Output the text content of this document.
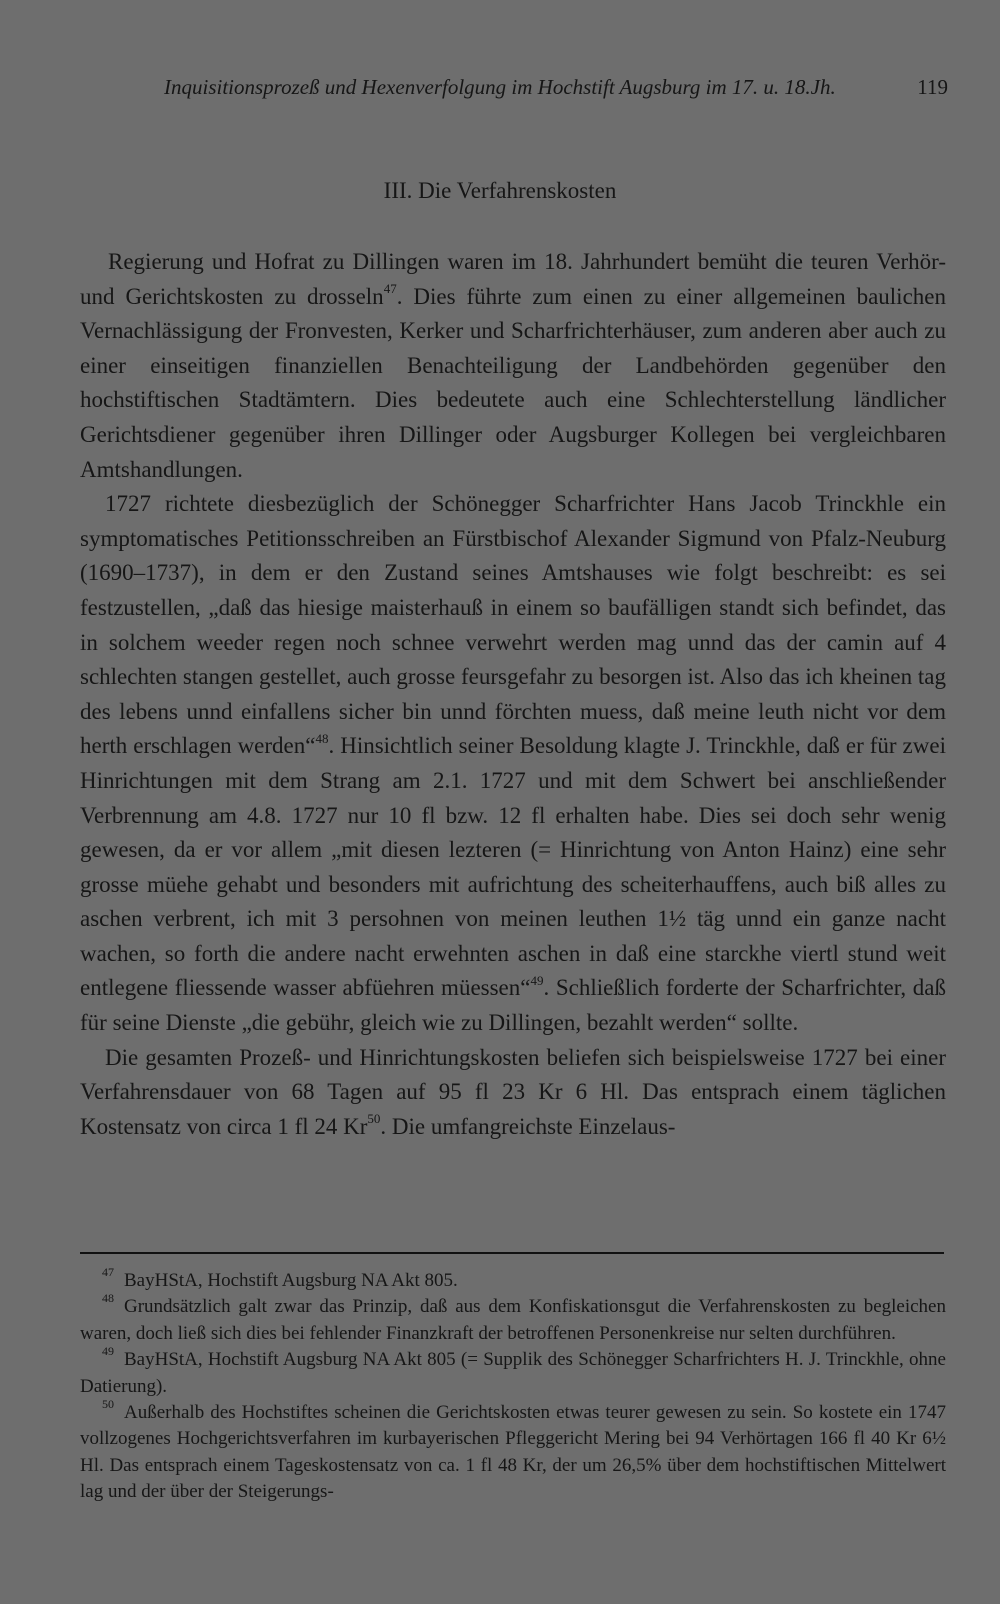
Inquisitionsprozeß und Hexenverfolgung im Hochstift Augsburg im 17. u. 18.Jh.	119
III. Die Verfahrenskosten

Regierung und Hofrat zu Dillingen waren im 18. Jahrhundert bemüht die teuren Verhör- und Gerichtskosten zu drosseln$^{47}$. Dies führte zum einen zu einer allgemeinen baulichen Vernachlässigung der Fronvesten, Kerker und Scharfrichterhäuser, zum anderen aber auch zu einer einseitigen finanziellen Benachteiligung der Landbehörden gegenüber den hochstiftischen Stadtämtern. Dies bedeutete auch eine Schlechterstellung ländlicher Gerichtsdiener gegenüber ihren Dillinger oder Augsburger Kollegen bei vergleichbaren Amtshandlungen.

1727 richtete diesbezüglich der Schönegger Scharfrichter Hans Jacob Trinckhle ein symptomatisches Petitionsschreiben an Fürstbischof Alexander Sigmund von Pfalz-Neuburg (1690–1737), in dem er den Zustand seines Amtshauses wie folgt beschreibt: es sei festzustellen, „daß das hiesige maisterhauß in einem so baufälligen standt sich befindet, das in solchem weeder regen noch schnee verwehrt werden mag unnd das der camin auf 4 schlechten stangen gestellet, auch grosse feursgefahr zu besorgen ist. Also das ich kheinen tag des lebens unnd einfallens sicher bin unnd förchten muess, daß meine leuth nicht vor dem herth erschlagen werden“$^{48}$. Hinsichtlich seiner Besoldung klagte J. Trinckhle, daß er für zwei Hinrichtungen mit dem Strang am 2.1. 1727 und mit dem Schwert bei anschließender Verbrennung am 4.8. 1727 nur 10 fl bzw. 12 fl erhalten habe. Dies sei doch sehr wenig gewesen, da er vor allem „mit diesen lezteren (= Hinrichtung von Anton Hainz) eine sehr grosse müehe gehabt und besonders mit aufrichtung des scheiterhauffens, auch biß alles zu aschen verbrent, ich mit 3 persohnen von meinen leuthen 1½ täg unnd ein ganze nacht wachen, so forth die andere nacht erwehnten aschen in daß eine starckhe viertl stund weit entlegene fliessende wasser abfüehren müessen“$^{49}$. Schließlich forderte der Scharfrichter, daß für seine Dienste „die gebühr, gleich wie zu Dillingen, bezahlt werden“ sollte.

Die gesamten Prozeß- und Hinrichtungskosten beliefen sich beispielsweise 1727 bei einer Verfahrensdauer von 68 Tagen auf 95 fl 23 Kr 6 Hl. Das entsprach einem täglichen Kostensatz von circa 1 fl 24 Kr$^{50}$. Die umfangreichste Einzelaus-

$^{47}$ BayHStA, Hochstift Augsburg NA Akt 805.

$^{48}$ Grundsätzlich galt zwar das Prinzip, daß aus dem Konfiskationsgut die Verfahrenskosten zu begleichen waren, doch ließ sich dies bei fehlender Finanzkraft der betroffenen Personenkreise nur selten durchführen.

$^{49}$ BayHStA, Hochstift Augsburg NA Akt 805 (= Supplik des Schönegger Scharfrichters H. J. Trinckhle, ohne Datierung).

$^{50}$ Außerhalb des Hochstiftes scheinen die Gerichtskosten etwas teurer gewesen zu sein. So kostete ein 1747 vollzogenes Hochgerichtsverfahren im kurbayerischen Pfleggericht Mering bei 94 Verhörtagen 166 fl 40 Kr 6½ Hl. Das entsprach einem Tageskostensatz von ca. 1 fl 48 Kr, der um 26,5% über dem hochstiftischen Mittelwert lag und der über der Steigerungs-
